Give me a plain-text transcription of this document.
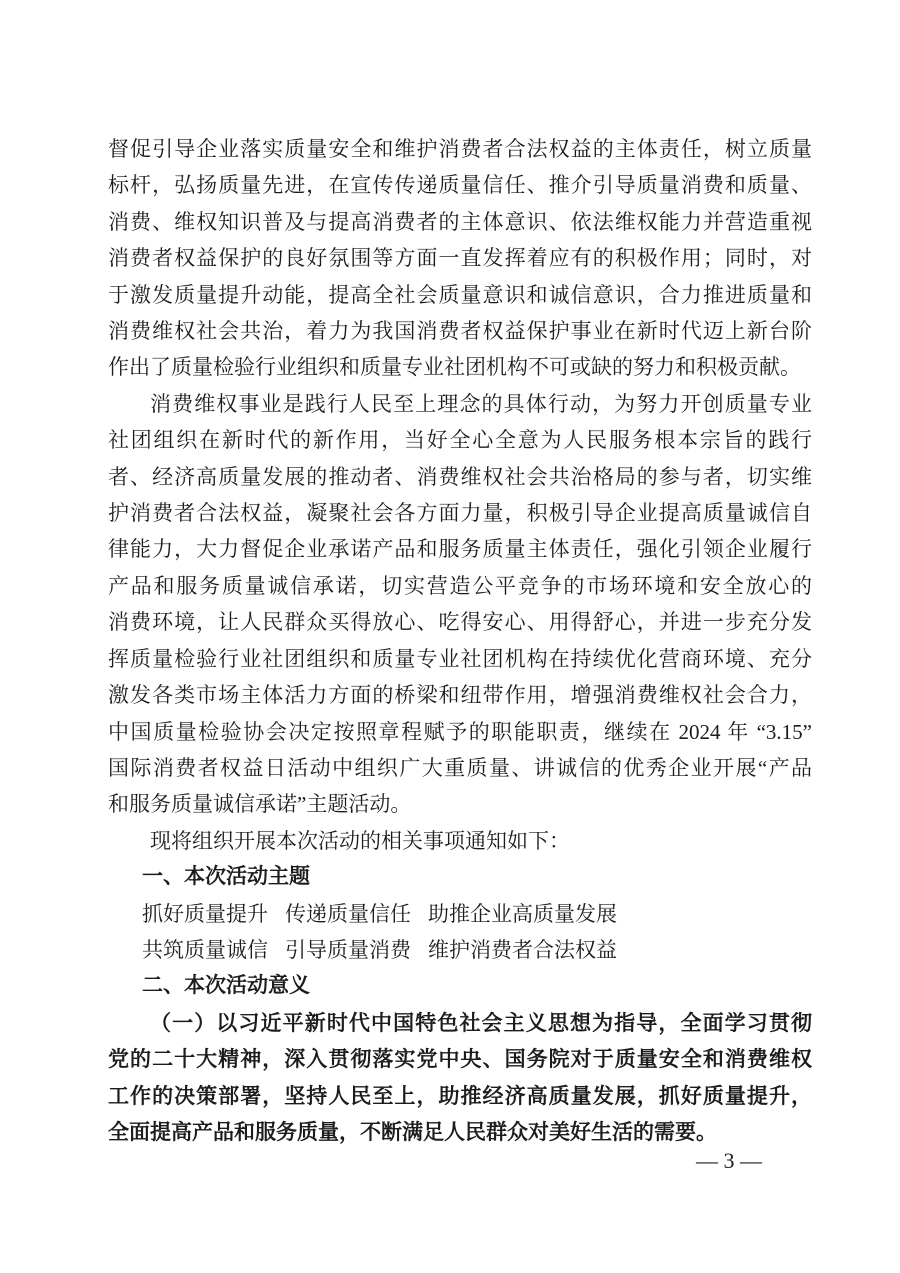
督促引导企业落实质量安全和维护消费者合法权益的主体责任，树立质量
标杆，弘扬质量先进，在宣传传递质量信任、推介引导质量消费和质量、
消费、维权知识普及与提高消费者的主体意识、依法维权能力并营造重视
消费者权益保护的良好氛围等方面一直发挥着应有的积极作用；同时，对
于激发质量提升动能，提高全社会质量意识和诚信意识，合力推进质量和
消费维权社会共治，着力为我国消费者权益保护事业在新时代迈上新台阶
作出了质量检验行业组织和质量专业社团机构不可或缺的努力和积极贡献。
消费维权事业是践行人民至上理念的具体行动，为努力开创质量专业
社团组织在新时代的新作用，当好全心全意为人民服务根本宗旨的践行
者、经济高质量发展的推动者、消费维权社会共治格局的参与者，切实维
护消费者合法权益，凝聚社会各方面力量，积极引导企业提高质量诚信自
律能力，大力督促企业承诺产品和服务质量主体责任，强化引领企业履行
产品和服务质量诚信承诺，切实营造公平竞争的市场环境和安全放心的
消费环境，让人民群众买得放心、吃得安心、用得舒心，并进一步充分发
挥质量检验行业社团组织和质量专业社团机构在持续优化营商环境、充分
激发各类市场主体活力方面的桥梁和纽带作用，增强消费维权社会合力，
中国质量检验协会决定按照章程赋予的职能职责，继续在 2024 年 “3.15”
国际消费者权益日活动中组织广大重质量、讲诚信的优秀企业开展“产品
和服务质量诚信承诺”主题活动。
现将组织开展本次活动的相关事项通知如下：
一、本次活动主题
抓好质量提升 传递质量信任 助推企业高质量发展
共筑质量诚信 引导质量消费 维护消费者合法权益
二、本次活动意义
（一）以习近平新时代中国特色社会主义思想为指导，全面学习贯彻
党的二十大精神，深入贯彻落实党中央、国务院对于质量安全和消费维权
工作的决策部署，坚持人民至上，助推经济高质量发展，抓好质量提升，
全面提高产品和服务质量，不断满足人民群众对美好生活的需要。
— 3 —
